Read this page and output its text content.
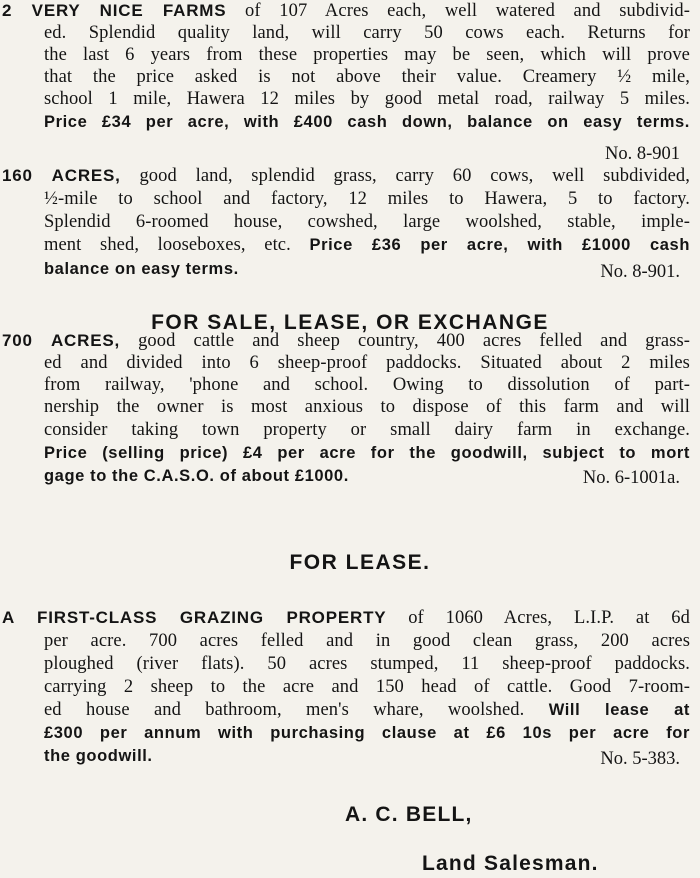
2 VERY NICE FARMS of 107 Acres each, well watered and subdivid-
ed. Splendid quality land, will carry 50 cows each. Returns for
the last 6 years from these properties may be seen, which will prove
that the price asked is not above their value. Creamery ½ mile,
school 1 mile, Hawera 12 miles by good metal road, railway 5 miles.
Price £34 per acre, with £400 cash down, balance on easy terms.
No. 8-901
160 ACRES, good land, splendid grass, carry 60 cows, well subdivided,
½-mile to school and factory, 12 miles to Hawera, 5 to factory.
Splendid 6-roomed house, cowshed, large woolshed, stable, imple-
ment shed, looseboxes, etc. Price £36 per acre, with £1000 cash
balance on easy terms.	No. 8-901.
FOR SALE, LEASE, OR EXCHANGE
700 ACRES, good cattle and sheep country, 400 acres felled and grass-
ed and divided into 6 sheep-proof paddocks. Situated about 2 miles
from railway, 'phone and school. Owing to dissolution of part-
nership the owner is most anxious to dispose of this farm and will
consider taking town property or small dairy farm in exchange.
Price (selling price) £4 per acre for the goodwill, subject to mort
gage to the C.A.S.O. of about £1000.	No. 6-1001a.
FOR LEASE.
A FIRST-CLASS GRAZING PROPERTY of 1060 Acres, L.I.P. at 6d
per acre. 700 acres felled and in good clean grass, 200 acres
ploughed (river flats). 50 acres stumped, 11 sheep-proof paddocks.
carrying 2 sheep to the acre and 150 head of cattle. Good 7-room-
ed house and bathroom, men's whare, woolshed. Will lease at
£300 per annum with purchasing clause at £6 10s per acre for
the goodwill.	No. 5-383.
A. C. BELL,
Land Salesman.
